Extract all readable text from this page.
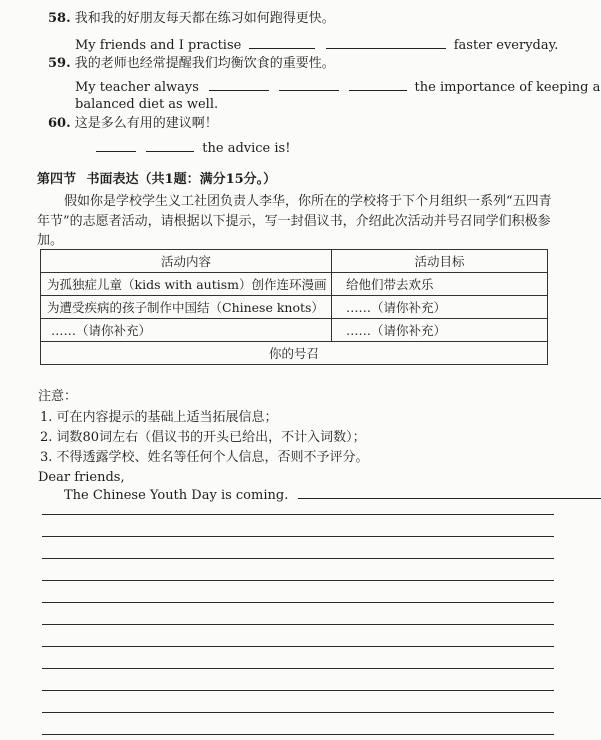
58. 我和我的好朋友每天都在练习如何跑得更快。
My friends and I practise	faster everyday.
59. 我的老师也经常提醒我们均衡饮食的重要性。
My teacher always	the importance of keeping a
balanced diet as well.
60. 这是多么有用的建议啊！
the advice is!
第四节 书面表达（共1题：满分15分。）
假如你是学校学生义工社团负责人李华，你所在的学校将于下个月组织一系列“五四青
年节”的志愿者活动，请根据以下提示，写一封倡议书，介绍此次活动并号召同学们积极参
加。
活动内容	活动目标
为孤独症儿童（kids with autism）创作连环漫画	给他们带去欢乐
为遭受疾病的孩子制作中国结（Chinese knots）	……（请你补充）
……（请你补充）	……（请你补充）
你的号召	
注意：
1. 可在内容提示的基础上适当拓展信息；
2. 词数80词左右（倡议书的开头已给出，不计入词数）；
3. 不得透露学校、姓名等任何个人信息，否则不予评分。
Dear friends,
The Chinese Youth Day is coming.
